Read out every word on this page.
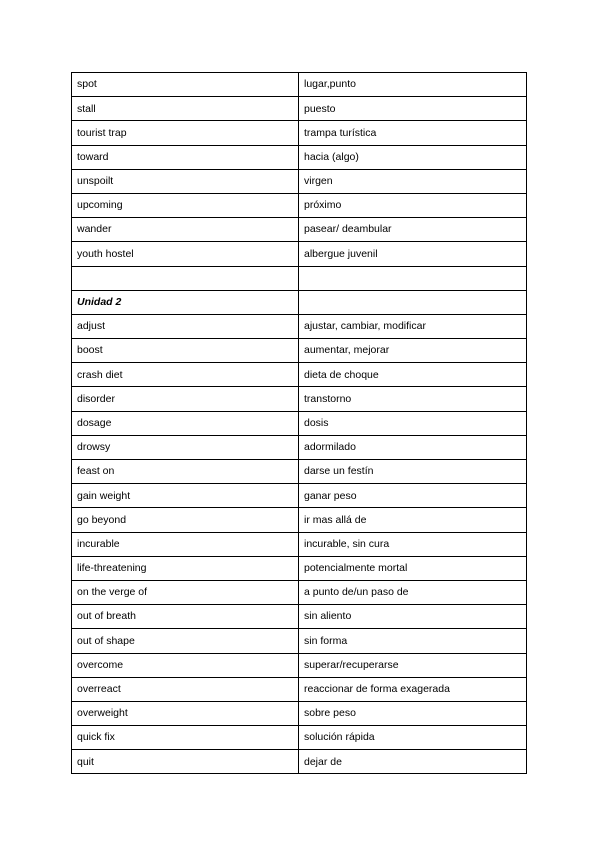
spot	lugar,punto
stall	puesto
tourist trap	trampa turística
toward	hacia (algo)
unspoilt	virgen
upcoming	próximo
wander	pasear/ deambular
youth hostel	albergue juvenil

Unidad 2	
adjust	ajustar, cambiar, modificar
boost	aumentar, mejorar
crash diet	dieta de choque
disorder	transtorno
dosage	dosis
drowsy	adormilado
feast on	darse un festín
gain weight	ganar peso
go beyond	ir mas allá de
incurable	incurable, sin cura
life-threatening	potencialmente mortal
on the verge of	a punto de/un paso de
out of breath	sin aliento
out of shape	sin forma
overcome	superar/recuperarse
overreact	reaccionar de forma exagerada
overweight	sobre peso
quick fix	solución rápida
quit	dejar de
